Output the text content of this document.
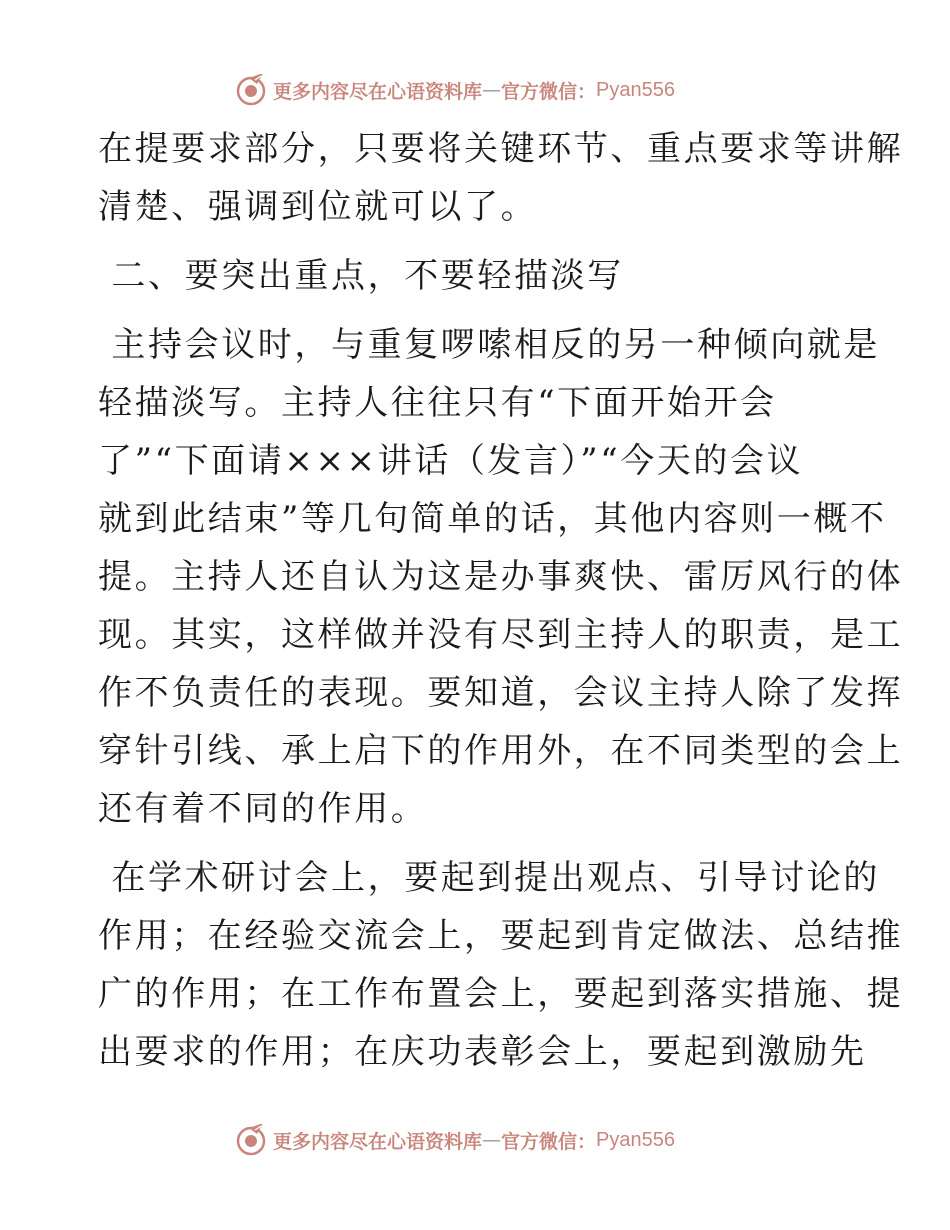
更多内容尽在心语资料库 — 官方微信： Pyan556
在提要求部分，只要将关键环节、重点要求等讲解
清楚、强调到位就可以了。
二、要突出重点，不要轻描淡写
主持会议时，与重复啰嗦相反的另一种倾向就是
轻描淡写。主持人往往只有“下面开始开会
了”“下面请×××讲话（发言）”“今天的会议
就到此结束”等几句简单的话，其他内容则一概不
提。主持人还自认为这是办事爽快、雷厉风行的体
现。其实，这样做并没有尽到主持人的职责，是工
作不负责任的表现。要知道，会议主持人除了发挥
穿针引线、承上启下的作用外，在不同类型的会上
还有着不同的作用。
在学术研讨会上，要起到提出观点、引导讨论的
作用；在经验交流会上，要起到肯定做法、总结推
广的作用；在工作布置会上，要起到落实措施、提
出要求的作用；在庆功表彰会上，要起到激励先
更多内容尽在心语资料库 — 官方微信： Pyan556
